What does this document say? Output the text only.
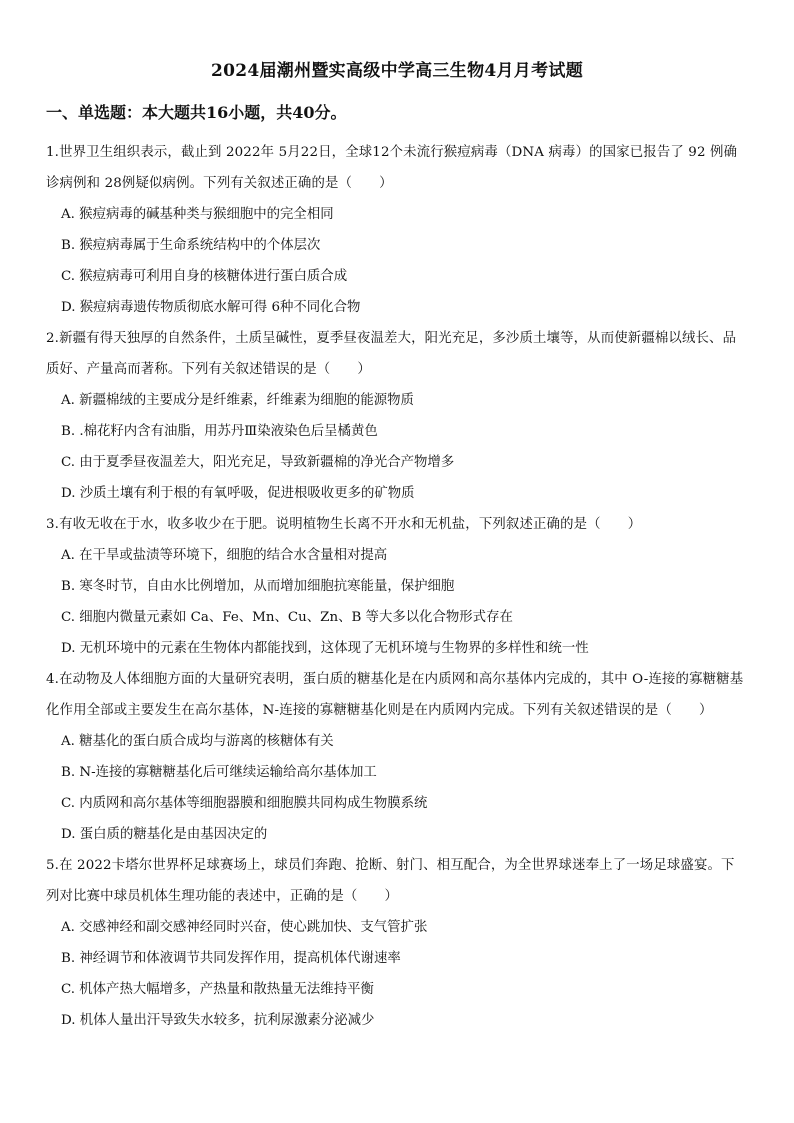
2024届潮州暨实高级中学高三生物4月月考试题
一、单选题：本大题共16小题，共40分。

1.世界卫生组织表示，截止到 2022年 5月22日，全球12个未流行猴痘病毒（DNA 病毒）的国家已报告了 92 例确诊病例和 28例疑似病例。下列有关叙述正确的是（　　）

A. 猴痘病毒的碱基种类与猴细胞中的完全相同

B. 猴痘病毒属于生命系统结构中的个体层次

C. 猴痘病毒可利用自身的核糖体进行蛋白质合成

D. 猴痘病毒遗传物质彻底水解可得 6种不同化合物

2.新疆有得天独厚的自然条件，土质呈碱性，夏季昼夜温差大，阳光充足，多沙质土壤等，从而使新疆棉以绒长、品质好、产量高而著称。下列有关叙述错误的是（　　）

A. 新疆棉绒的主要成分是纤维素，纤维素为细胞的能源物质

B. .棉花籽内含有油脂，用苏丹Ⅲ染液染色后呈橘黄色

C. 由于夏季昼夜温差大，阳光充足，导致新疆棉的净光合产物增多

D. 沙质土壤有利于根的有氧呼吸，促进根吸收更多的矿物质

3.有收无收在于水，收多收少在于肥。说明植物生长离不开水和无机盐，下列叙述正确的是（　　）

A. 在干旱或盐渍等环境下，细胞的结合水含量相对提高

B. 寒冬时节，自由水比例增加，从而增加细胞抗寒能量，保护细胞

C. 细胞内微量元素如 Ca、Fe、Mn、Cu、Zn、B 等大多以化合物形式存在

D. 无机环境中的元素在生物体内都能找到，这体现了无机环境与生物界的多样性和统一性

4.在动物及人体细胞方面的大量研究表明，蛋白质的糖基化是在内质网和高尔基体内完成的，其中 O-连接的寡糖糖基化作用全部或主要发生在高尔基体，N-连接的寡糖糖基化则是在内质网内完成。下列有关叙述错误的是（　　）

A. 糖基化的蛋白质合成均与游离的核糖体有关

B. N-连接的寡糖糖基化后可继续运输给高尔基体加工

C. 内质网和高尔基体等细胞器膜和细胞膜共同构成生物膜系统

D. 蛋白质的糖基化是由基因决定的

5.在 2022卡塔尔世界杯足球赛场上，球员们奔跑、抢断、射门、相互配合，为全世界球迷奉上了一场足球盛宴。下列对比赛中球员机体生理功能的表述中，正确的是（　　）

A. 交感神经和副交感神经同时兴奋，使心跳加快、支气管扩张

B. 神经调节和体液调节共同发挥作用，提高机体代谢速率

C. 机体产热大幅增多，产热量和散热量无法维持平衡

D. 机体人量出汗导致失水较多，抗利尿激素分泌减少
